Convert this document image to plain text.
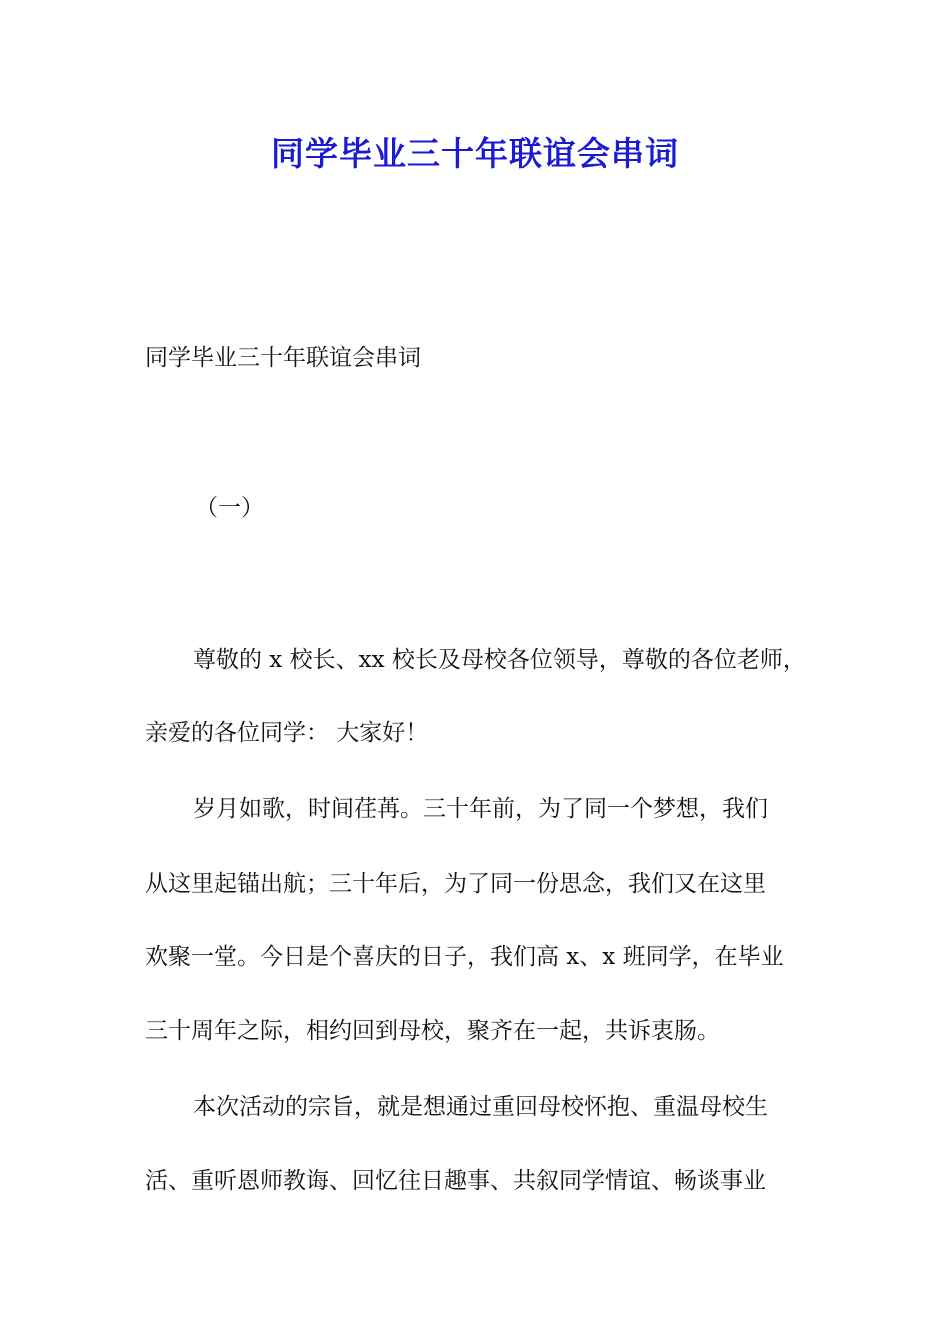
同学毕业三十年联谊会串词

同学毕业三十年联谊会串词

（一）

尊敬的 x 校长、xx 校长及母校各位领导，尊敬的各位老师，

亲爱的各位同学： 大家好！

岁月如歌，时间荏苒。三十年前，为了同一个梦想，我们

从这里起锚出航；三十年后，为了同一份思念，我们又在这里

欢聚一堂。今日是个喜庆的日子，我们高 x、x 班同学，在毕业

三十周年之际，相约回到母校，聚齐在一起，共诉衷肠。

本次活动的宗旨，就是想通过重回母校怀抱、重温母校生

活、重听恩师教诲、回忆往日趣事、共叙同学情谊、畅谈事业
